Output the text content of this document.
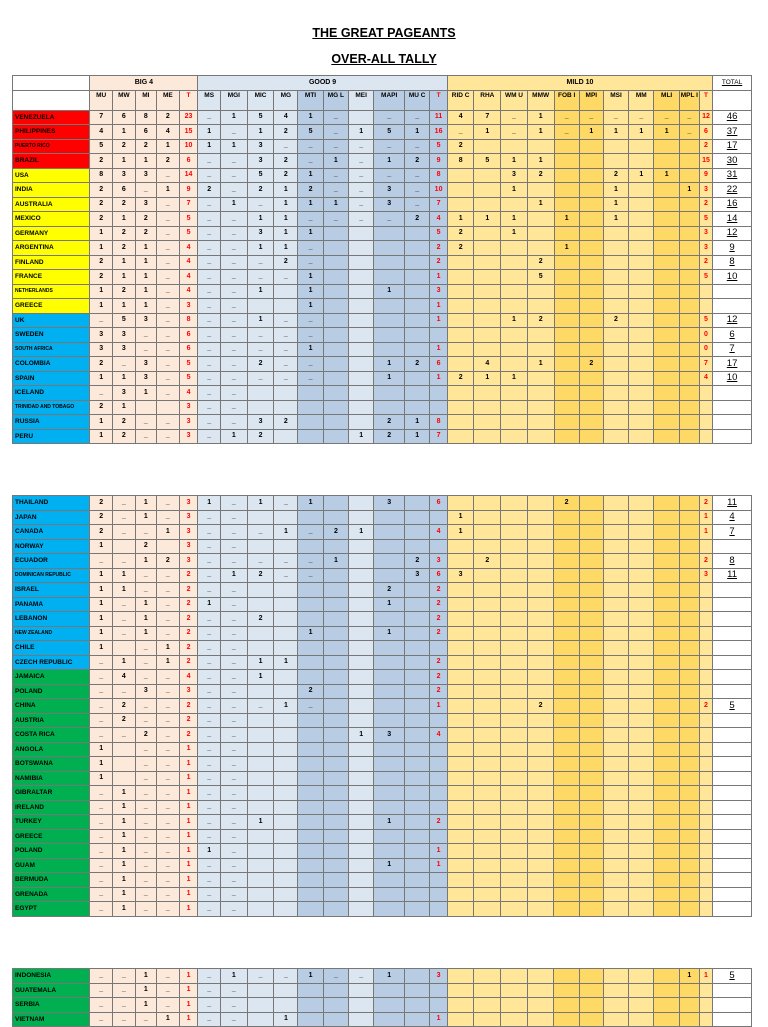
THE GREAT PAGEANTS
OVER-ALL TALLY
	BIG 4					GOOD 9										MILD 10											TOTAL
	MU	MW	MI	ME	T	MS	MGI	MIC	MG	MTI	MG L	MEI	MAPI	MU C	T	RID C	RHA	WM U	MMW	FOB I	MPI	MSI	MM	MLI	MPL I	T	
VENEZUELA	7	6	8	2	23	_	1	5	4	1	_		_	_	11	4	7	_	1	_	_	_	_	_	_	12	46
PHILIPPINES	4	1	6	4	15	1	_	1	2	5	_	1	5	1	16	_	1	_	1	_	1	1	1	1	_	6	37
PUERTO RICO	5	2	2	1	10	1	1	3	_	_	_	_	_	_	5	2										2	17
BRAZIL	2	1	1	2	6	_	_	3	2	_	1	_	1	2	9	8	5	1	1							15	30
USA	8	3	3	_	14	_	_	5	2	1	_	_	_	_	8			3	2			2	1	1		9	31
INDIA	2	6	_	1	9	2	_	2	1	2	_	_	3	_	10			1				1			1	3	22
AUSTRALIA	2	2	3	_	7	_	1	_	1	1	1	_	3	_	7				1			1				2	16
MEXICO	2	1	2	_	5	_	_	1	1	_	_	_	_	2	4	1	1	1		1		1				5	14
GERMANY	1	2	2	_	5	_	_	3	1	1					5	2		1								3	12
ARGENTINA	1	2	1	_	4	_	_	1	1	_					2	2				1						3	9
FINLAND	2	1	1	_	4	_	_	_	2	_					2				2							2	8
FRANCE	2	1	1	_	4	_	_	_	_	1					1				5							5	10
NETHERLANDS	1	2	1	_	4	_	_	1		1			1		3												
GREECE	1	1	1	_	3	_	_			1					1												
UK	_	5	3	_	8	_	_	1	_	_					1			1	2			2				5	12
SWEDEN	3	3	_	_	6	_	_	_	_	_																0	6
SOUTH AFRICA	3	3	_	_	6	_	_	_	_	1					1											0	7
COLOMBIA	2	_	3	_	5	_	_	2	_	_			1	2	6		4		1		2					7	17
SPAIN	1	1	3	_	5	_	_	_	_	_			1		1	2	1	1								4	10
ICELAND	_	3	1	_	4	_	_																				
TRINIDAD AND TOBAGO	2	1			3	_	_																				
RUSSIA	1	2	_	_	3	_	_	3	2				2	1	8												
PERU	1	2	_	_	3	_	1	2				1	2	1	7												
THAILAND	2	_	1	_	3	1	_	1	_	1			3		6					2						2	11
JAPAN	2	_	1	_	3	_	_									1										1	4
CANADA	2	_	_	1	3	_	_	_	1	_	2	1			4	1										1	7
NORWAY	1		2		3	_	_																				
ECUADOR	_	_	1	2	3	_	_	_	_	_	1			2	3		2									2	8
DOMINICAN REPUBLIC	1	1	_	_	2	_	1	2	_	_				3	6	3										3	11
ISRAEL	1	1	_	_	2	_	_						2		2												
PANAMA	1	_	1	_	2	1	_						1		2												
LEBANON	1	_	1	_	2	_	_	2							2												
NEW ZEALAND	1	_	1	_	2	_	_			1			1		2												
CHILE	1		_	1	2	_	_																				
CZECH REPUBLIC	_	1	_	1	2	_	_	1	1						2												
JAMAICA	_	4	_	_	4	_	_	1							2												
POLAND	_	_	3	_	3	_	_			2					2												
CHINA	_	2	_	_	2	_	_	_	1	_					1				2							2	5
AUSTRIA	_	2	_	_	2	_	_																				
COSTA RICA	_	_	2	_	2	_	_					1	3		4												
ANGOLA	1		_	_	1	_	_																				
BOTSWANA	1		_	_	1	_	_																				
NAMIBIA	1		_	_	1	_	_																				
GIBRALTAR	_	1	_	_	1	_	_																				
IRELAND	_	1	_	_	1	_	_																				
TURKEY	_	1	_	_	1	_	_	1					1		2												
GREECE	_	1	_	_	1	_	_																				
POLAND	_	1	_	_	1	1	_								1												
GUAM	_	1	_	_	1	_	_						1		1												
BERMUDA	_	1	_	_	1	_	_																				
GRENADA	_	1	_	_	1	_	_																				
EGYPT	_	1	_	_	1	_	_																				
INDONESIA	_	_	1	_	1	_	1	_	_	1	_	_	1		3										1	1	5
GUATEMALA	_	_	1	_	1	_	_																				
SERBIA	_	_	1	_	1	_	_																				
VIETNAM	_	_	_	1	1	_	_		1						1												
